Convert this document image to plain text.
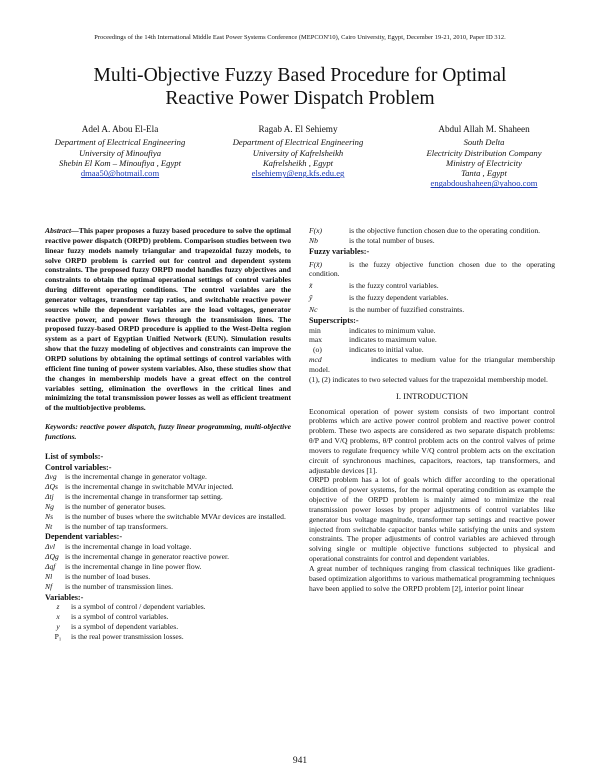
Proceedings of the 14th International Middle East Power Systems Conference (MEPCON'10), Cairo University, Egypt, December 19-21, 2010, Paper ID 312.
Multi-Objective Fuzzy Based Procedure for Optimal
Reactive Power Dispatch Problem
Adel A. Abou El-Ela
Department of Electrical Engineering
University of Minoufiya
Shebin El Kom – Minoufiya , Egypt
dmaa50@hotmail.com
Ragab A. El Sehiemy
Department of Electrical Engineering
University of Kafrelsheikh
Kafrelsheikh , Egypt
elsehiemy@eng.kfs.edu.eg
Abdul Allah M. Shaheen
South Delta
Electricity Distribution Company
Ministry of Electricity
Tanta , Egypt
engabdoushaheen@yahoo.com

Abstract—This paper proposes a fuzzy based procedure to solve the optimal reactive power dispatch (ORPD) problem. Comparison studies between two linear fuzzy models namely triangular and trapezoidal fuzzy models, to solve ORPD problem is carried out for control and dependent system constraints. The proposed fuzzy ORPD model handles fuzzy objectives and constraints to obtain the optimal operational settings of control variables during different operating conditions. The control variables are the generator voltages, transformer tap ratios, and switchable reactive power sources while the dependent variables are the load voltages, generator reactive power, and power flows through the transmission lines. The proposed fuzzy-based ORPD procedure is applied to the West-Delta region system as a part of Egyptian Unified Network (EUN). Simulation results show that the fuzzy modeling of objectives and constraints can improve the ORPD solutions by obtaining the optimal settings of control variables with efficient fine tuning of power system variables. Also, these studies show that the changes in membership models have a great effect on the control variables setting, elimination the overflows in the critical lines and minimizing the total transmission power losses as well as efficient treatment of the multiobjective problems.

Keywords: reactive power dispatch, fuzzy linear programming, multi-objective functions.

List of symbols:-
Control variables:-
Δvg	is the incremental change in generator voltage.
ΔQs is the incremental change in switchable MVAr injected.
Δtj	is the incremental change in transformer tap setting.
Ng	is the number of generator buses.
Ns is the number of buses where the switchable MVAr devices are installed.
Nt	is the number of tap transformers.
Dependent variables:-
Δvl	is the incremental change in load voltage.
ΔQg is the incremental change in generator reactive power.
Δqf	is the incremental change in line power flow.
Nl	is the number of load buses.
Nf	is the number of transmission lines.
Variables:-
z	is a symbol of control / dependent variables.
x	is a symbol of control variables.
y	is a symbol of dependent variables.
P₁	is the real power transmission losses.
F(x)	is the objective function chosen due to the operating condition.
Nb	is the total number of buses.
Fuzzy variables:-
F(x̃)	is the fuzzy objective function chosen due to the operating condition.
x̃	is the fuzzy control variables.
ỹ	is the fuzzy dependent variables.
Nc	is the number of fuzzified constraints.
Superscripts:-
min	indicates to minimum value.
max	indicates to maximum value.
(o)	indicates to initial value.
mcd	indicates to medium value for the triangular membership model.
(1), (2) indicates to two selected values for the trapezoidal membership model.
I. INTRODUCTION

Economical operation of power system consists of two important control problems which are active power control problem and reactive power control problem. These two aspects are considered as two separate dispatch problems: θ/P and V/Q problems, θ/P control problem acts on the control valves of prime movers to regulate frequency while V/Q control problem acts on the excitation circuit of synchronous machines, capacitors, reactors, tap transformers, and adjustable devices [1].

ORPD problem has a lot of goals which differ according to the operational condition of power systems, for the normal operating condition as example the objective of the ORPD problem is mainly aimed to minimize the real transmission power losses by proper adjustments of control variables like generator bus voltage magnitude, transformer tap settings and reactive power injected from switchable capacitor banks while satisfying the units and system constraints. The proper adjustments of control variables are achieved through solving single or multiple objective functions subjected to physical and operational constraints for control and dependent variables.

A great number of techniques ranging from classical techniques like gradient-based optimization algorithms to various mathematical programming techniques have been applied to solve the ORPD problem [2], interior point linear

941
